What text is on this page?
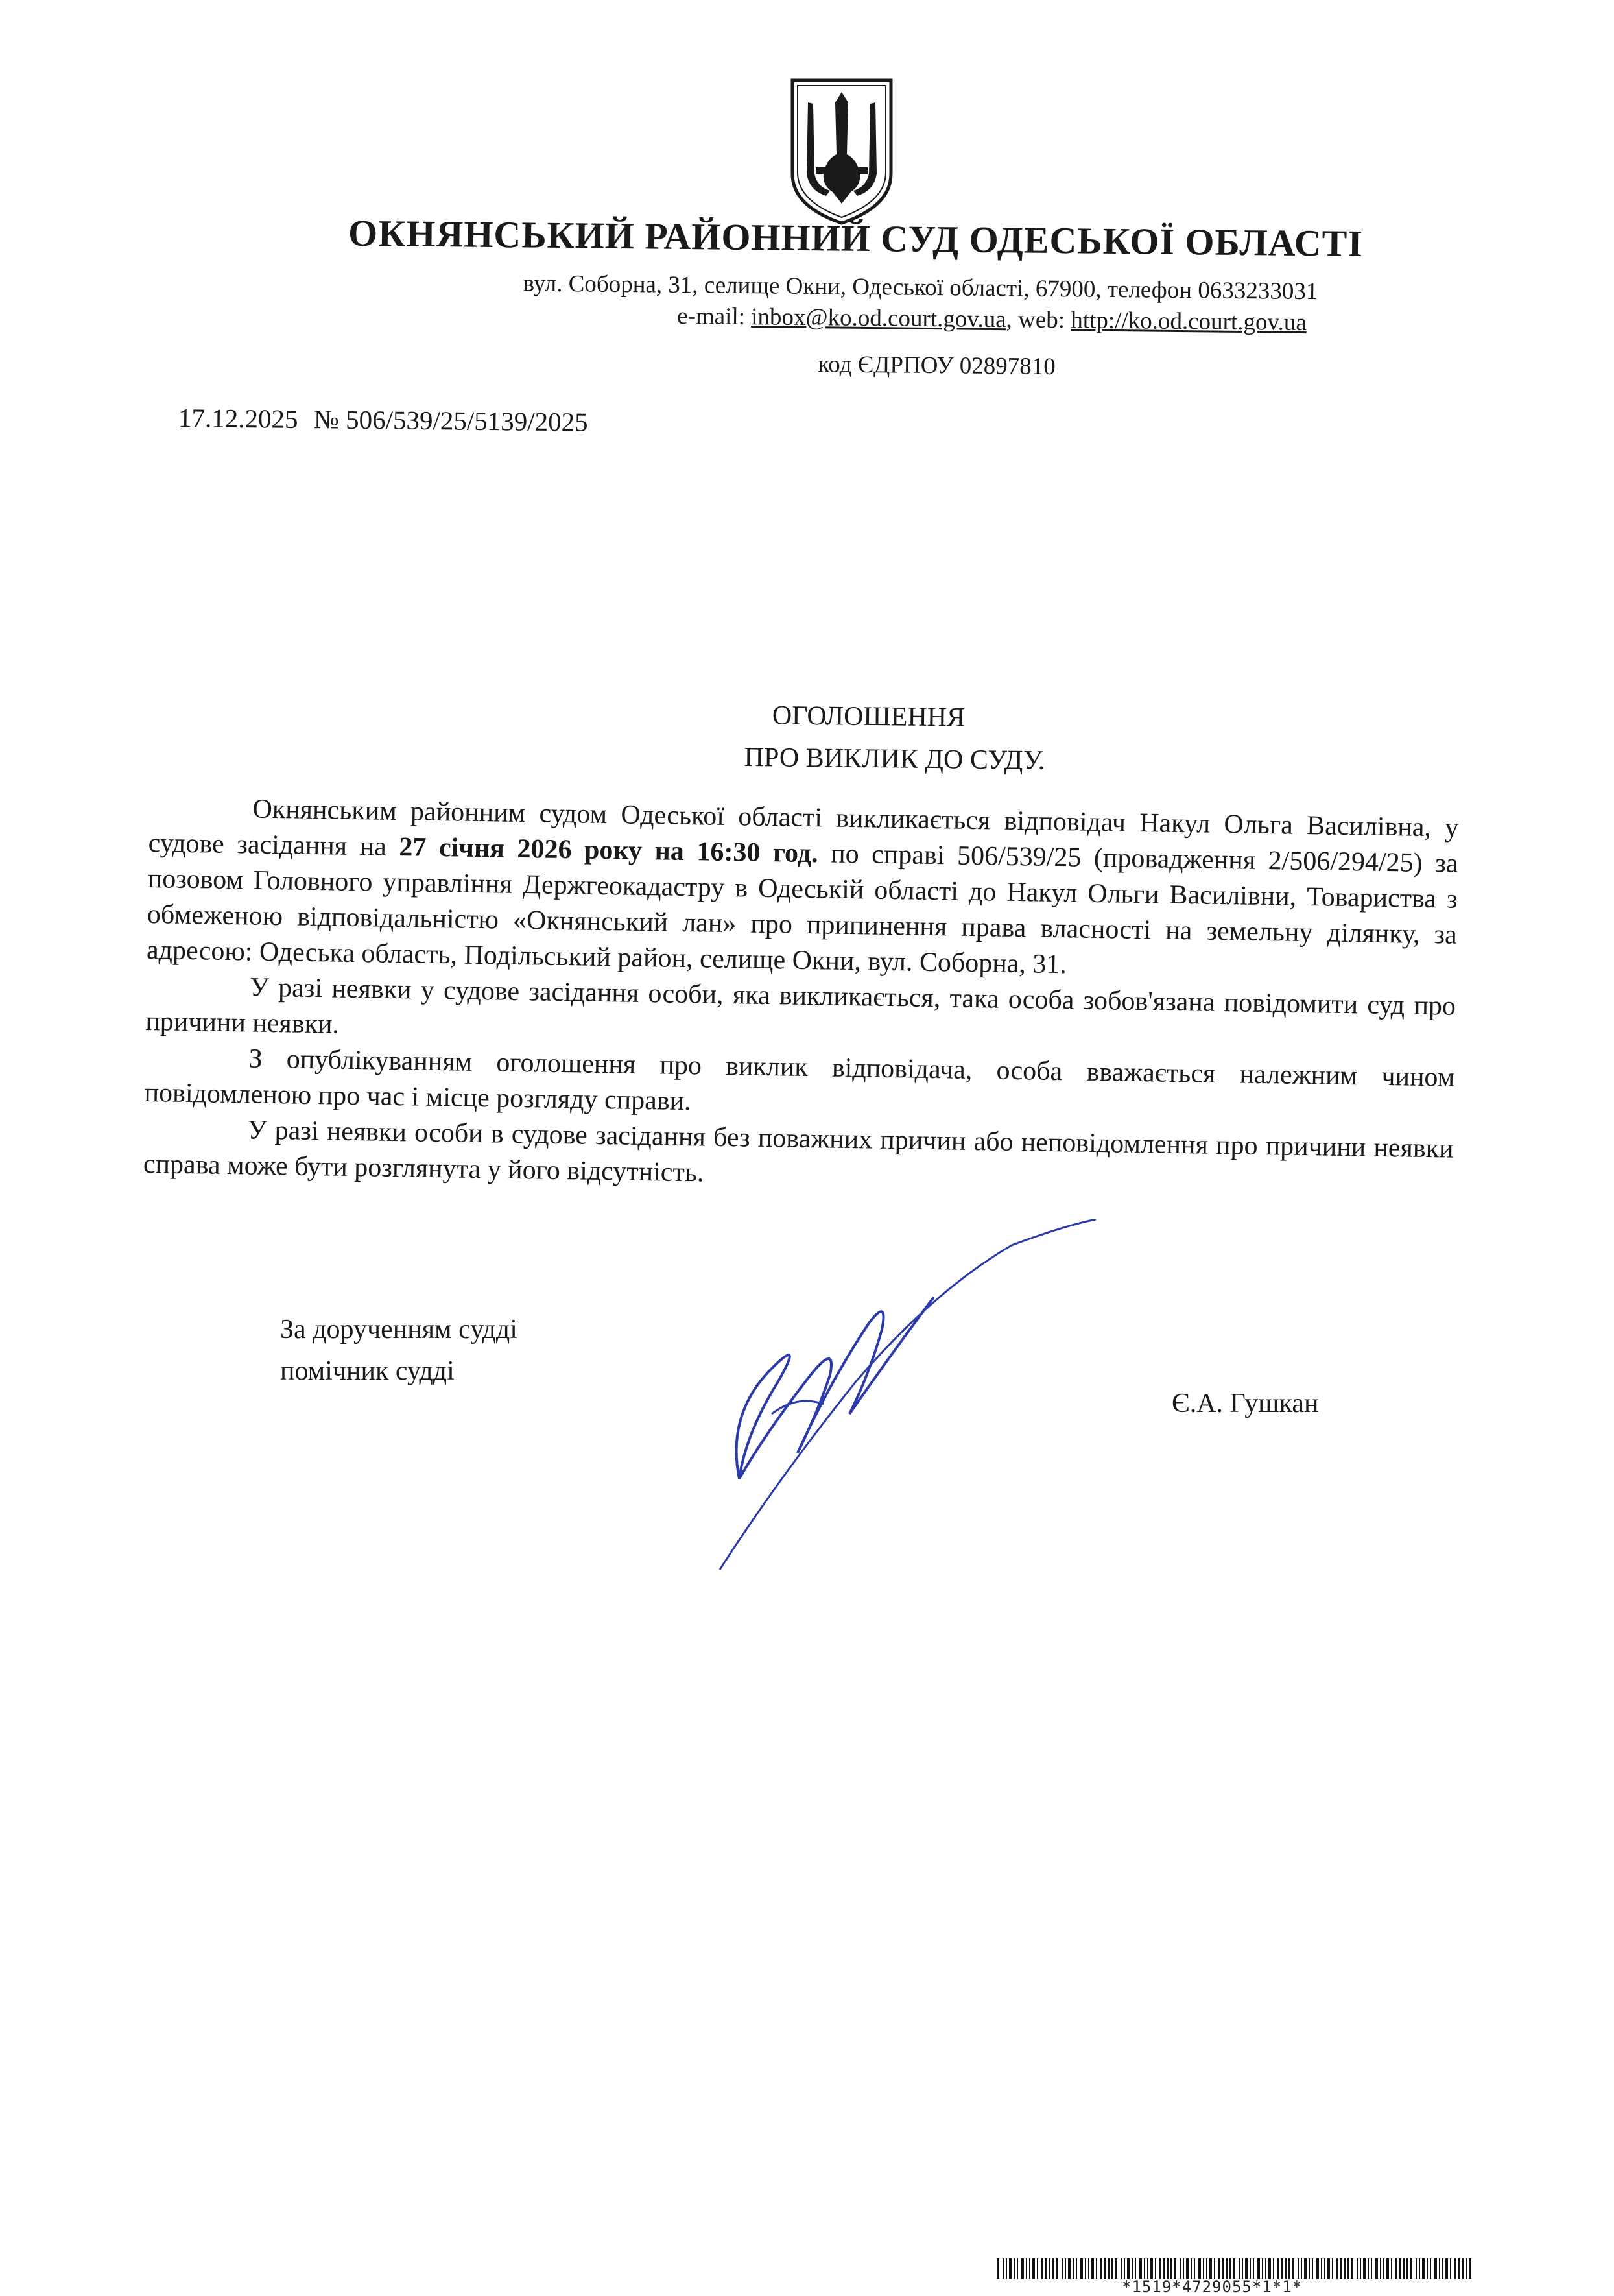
ОКНЯНСЬКИЙ РАЙОННИЙ СУД ОДЕСЬКОЇ ОБЛАСТІ
вул. Соборна, 31, селище Окни, Одеської області, 67900, телефон 0633233031
e-mail: inbox@ko.od.court.gov.ua, web: http://ko.od.court.gov.ua
код ЄДРПОУ 02897810
17.12.2025 № 506/539/25/5139/2025
ОГОЛОШЕННЯ
ПРО ВИКЛИК ДО СУДУ.

Окнянським районним судом Одеської області викликається відповідач Накул Ольга Василівна, у судове засідання на 27 січня 2026 року на 16:30 год. по справі 506/539/25 (провадження 2/506/294/25) за позовом Головного управління Держгеокадастру в Одеській області до Накул Ольги Василівни, Товариства з обмеженою відповідальністю «Окнянський лан» про припинення права власності на земельну ділянку, за адресою: Одеська область, Подільський район, селище Окни, вул. Соборна, 31.

У разі неявки у судове засідання особи, яка викликається, така особа зобов'язана повідомити суд про причини неявки.

З опублікуванням оголошення про виклик відповідача, особа вважається належним чином повідомленою про час і місце розгляду справи.

У разі неявки особи в судове засідання без поважних причин або неповідомлення про причини неявки справа може бути розглянута у його відсутність.

За дорученням судді
помічник судді
Є.А. Гушкан
*1519*4729055*1*1*
